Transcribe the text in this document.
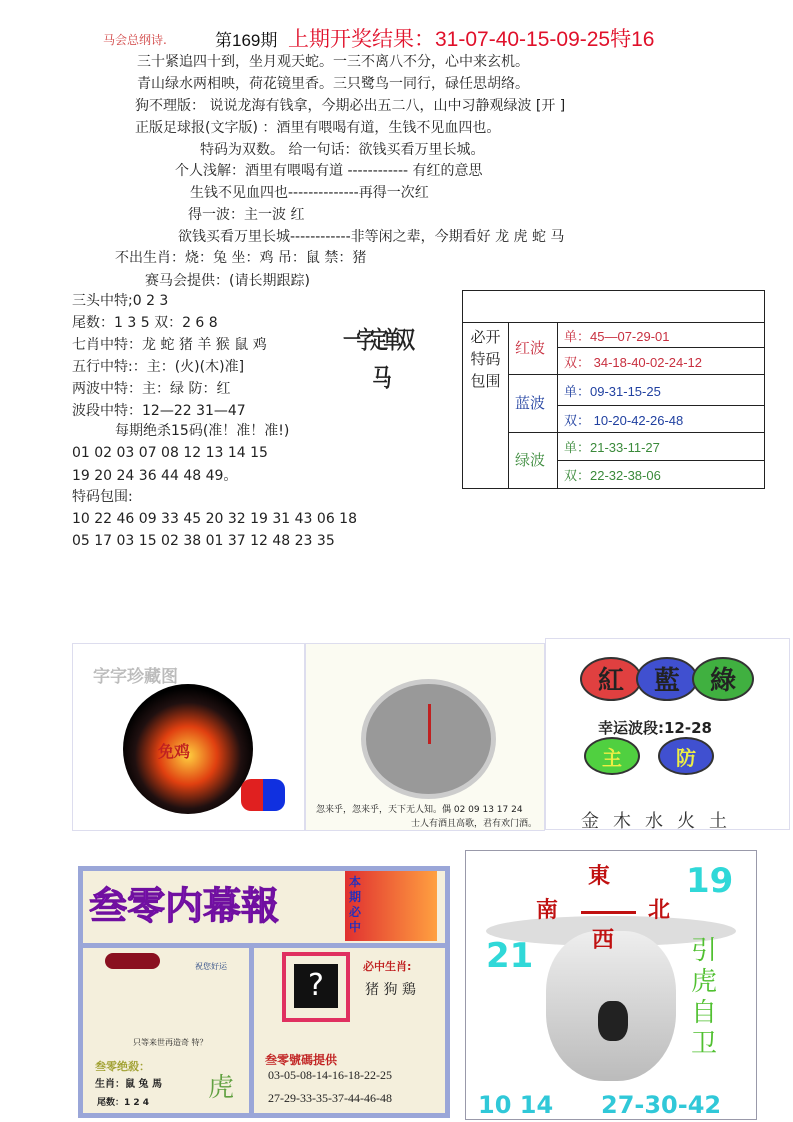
马会总纲诗.	第169期 上期开奖结果：31-07-40-15-09-25特16
三十紧追四十到，坐月观天蛇。一三不离八不分，心中来玄机。
青山绿水两相映，荷花镜里香。三只鹭鸟一同行，碌任思胡络。
狗不理版： 说说龙海有钱拿，今期必出五二八，山中习静观绿波 [开 ]
正版足球报(文字版) ：酒里有喂喝有道，生钱不见血四也。
特码为双数。 给一句话：欲钱买看万里长城。
个人浅解：酒里有喂喝有道 ------------ 有红的意思
生钱不见血四也--------------再得一次红
得一波：主一波 红
欲钱买看万里长城------------非等闲之辈，今期看好 龙 虎 蛇 马
不出生肖：烧：兔 坐：鸡 吊：鼠 禁：猪
赛马会提供：(请长期跟踪)
三头中特;0 2 3
尾数：1 3 5 双：2 6 8
七肖中特：龙 蛇 猪 羊 猴 鼠 鸡
五行中特:：主：(火)(木)准]
两波中特：主：绿 防：红
波段中特：12—22 31—47
每期绝杀15码(准！准！准!)
01 02 03 07 08 12 13 14 15
19 20 24 36 44 48 49。
特码包围:
10 22 46 09 33 45 20 32 19 31 43 06 18
05 17 03 15 02 38 01 37 12 48 23 35
一字定单双
马

必开特码包围	红波	单：45—07-29-01
		双： 34-18-40-02-24-12
	蓝波	单：09-31-15-25
		双： 10-20-42-26-48
	绿波	单：21-33-11-27
		双：22-32-38-06
字字珍藏图
免鸡
忽来乎，忽来乎，天下无人知。偶 02 09 13 17 24
士人有酒且高歌，君有欢门酒。
紅	藍	綠
幸运波段:12-28
主	防
金木水火土
叁零内幕報
本期必中
祝您好运
只等来世再造奇 特？
叁零绝殺：
生肖：鼠 兔 馬
尾数：1 2 4 虎
?
必中生肖:
猪 狗 鶏
叁零號碼提供
03-05-08-14-16-18-22-25
27-29-33-35-37-44-46-48
東
南	北
西
19
21	引虎自卫
10 14 27-30-42
